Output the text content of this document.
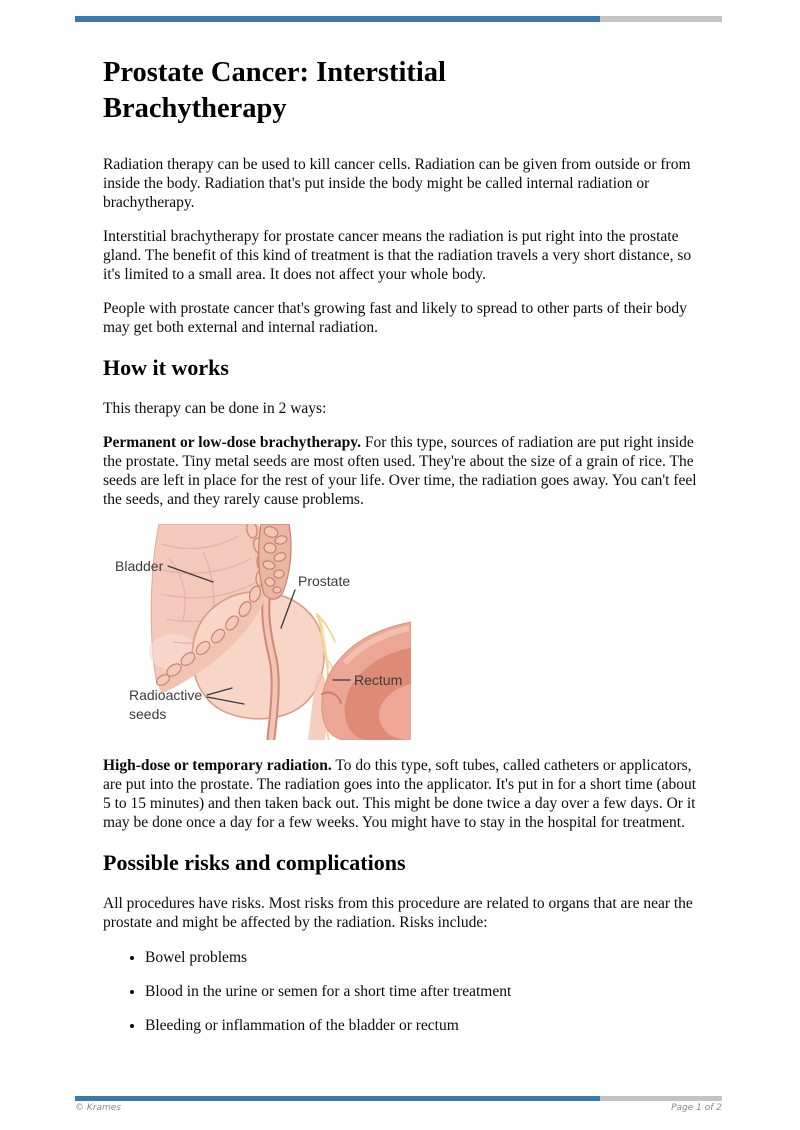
Prostate Cancer: Interstitial
Brachytherapy

Radiation therapy can be used to kill cancer cells. Radiation can be given from outside or from inside the body. Radiation that's put inside the body might be called internal radiation or brachytherapy.

Interstitial brachytherapy for prostate cancer means the radiation is put right into the prostate gland. The benefit of this kind of treatment is that the radiation travels a very short distance, so it's limited to a small area. It does not affect your whole body.

People with prostate cancer that's growing fast and likely to spread to other parts of their body may get both external and internal radiation.

How it works

This therapy can be done in 2 ways:

Permanent or low-dose brachytherapy. For this type, sources of radiation are put right inside the prostate. Tiny metal seeds are most often used. They're about the size of a grain of rice. The seeds are left in place for the rest of your life. Over time, the radiation goes away. You can't feel the seeds, and they rarely cause problems.

Bladder
Prostate
Rectum
Radioactive
seeds

High-dose or temporary radiation. To do this type, soft tubes, called catheters or applicators, are put into the prostate. The radiation goes into the applicator. It's put in for a short time (about 5 to 15 minutes) and then taken back out. This might be done twice a day over a few days. Or it may be done once a day for a few weeks. You might have to stay in the hospital for treatment.

Possible risks and complications

All procedures have risks. Most risks from this procedure are related to organs that are near the prostate and might be affected by the radiation. Risks include:

• Bowel problems
• Blood in the urine or semen for a short time after treatment
• Bleeding or inflammation of the bladder or rectum
© Krames	Page 1 of 2
